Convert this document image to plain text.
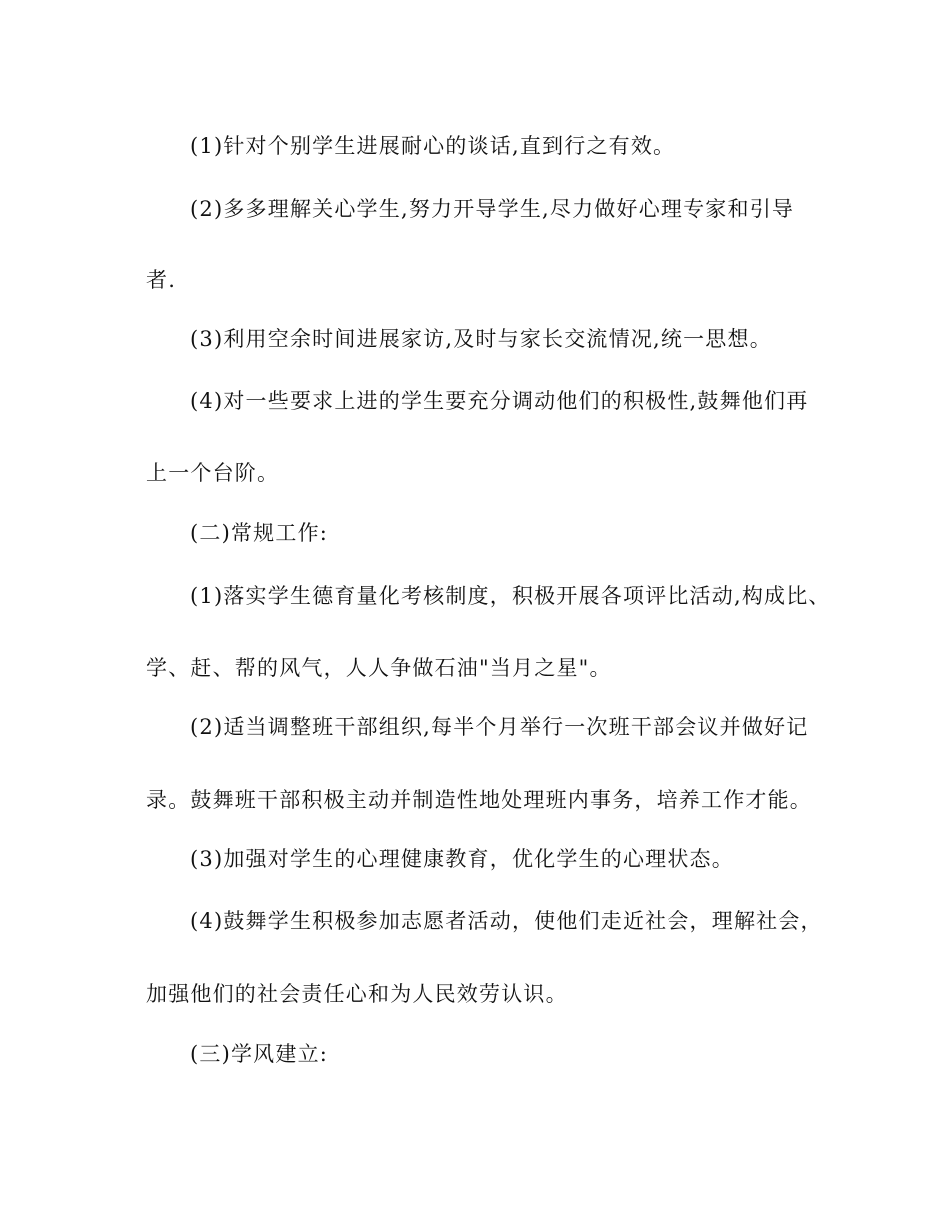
(1)针对个别学生进展耐心的谈话,直到行之有效。
(2)多多理解关心学生,努力开导学生,尽力做好心理专家和引导
者.
(3)利用空余时间进展家访,及时与家长交流情况,统一思想。
(4)对一些要求上进的学生要充分调动他们的积极性,鼓舞他们再
上一个台阶。
(二)常规工作:
(1)落实学生德育量化考核制度，积极开展各项评比活动,构成比、
学、赶、帮的风气，人人争做石油"当月之星"。
(2)适当调整班干部组织,每半个月举行一次班干部会议并做好记
录。鼓舞班干部积极主动并制造性地处理班内事务，培养工作才能。
(3)加强对学生的心理健康教育，优化学生的心理状态。
(4)鼓舞学生积极参加志愿者活动，使他们走近社会，理解社会，
加强他们的社会责任心和为人民效劳认识。
(三)学风建立:
